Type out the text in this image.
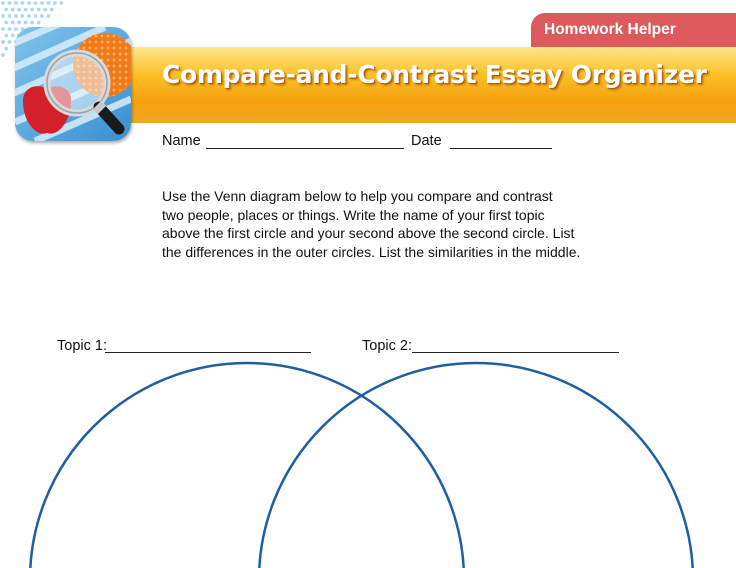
Homework Helper
Compare-and-Contrast Essay Organizer
Name	Date
Use the Venn diagram below to help you compare and contrast
two people, places or things. Write the name of your first topic
above the first circle and your second above the second circle. List
the differences in the outer circles. List the similarities in the middle.
Topic 1:	Topic 2:
